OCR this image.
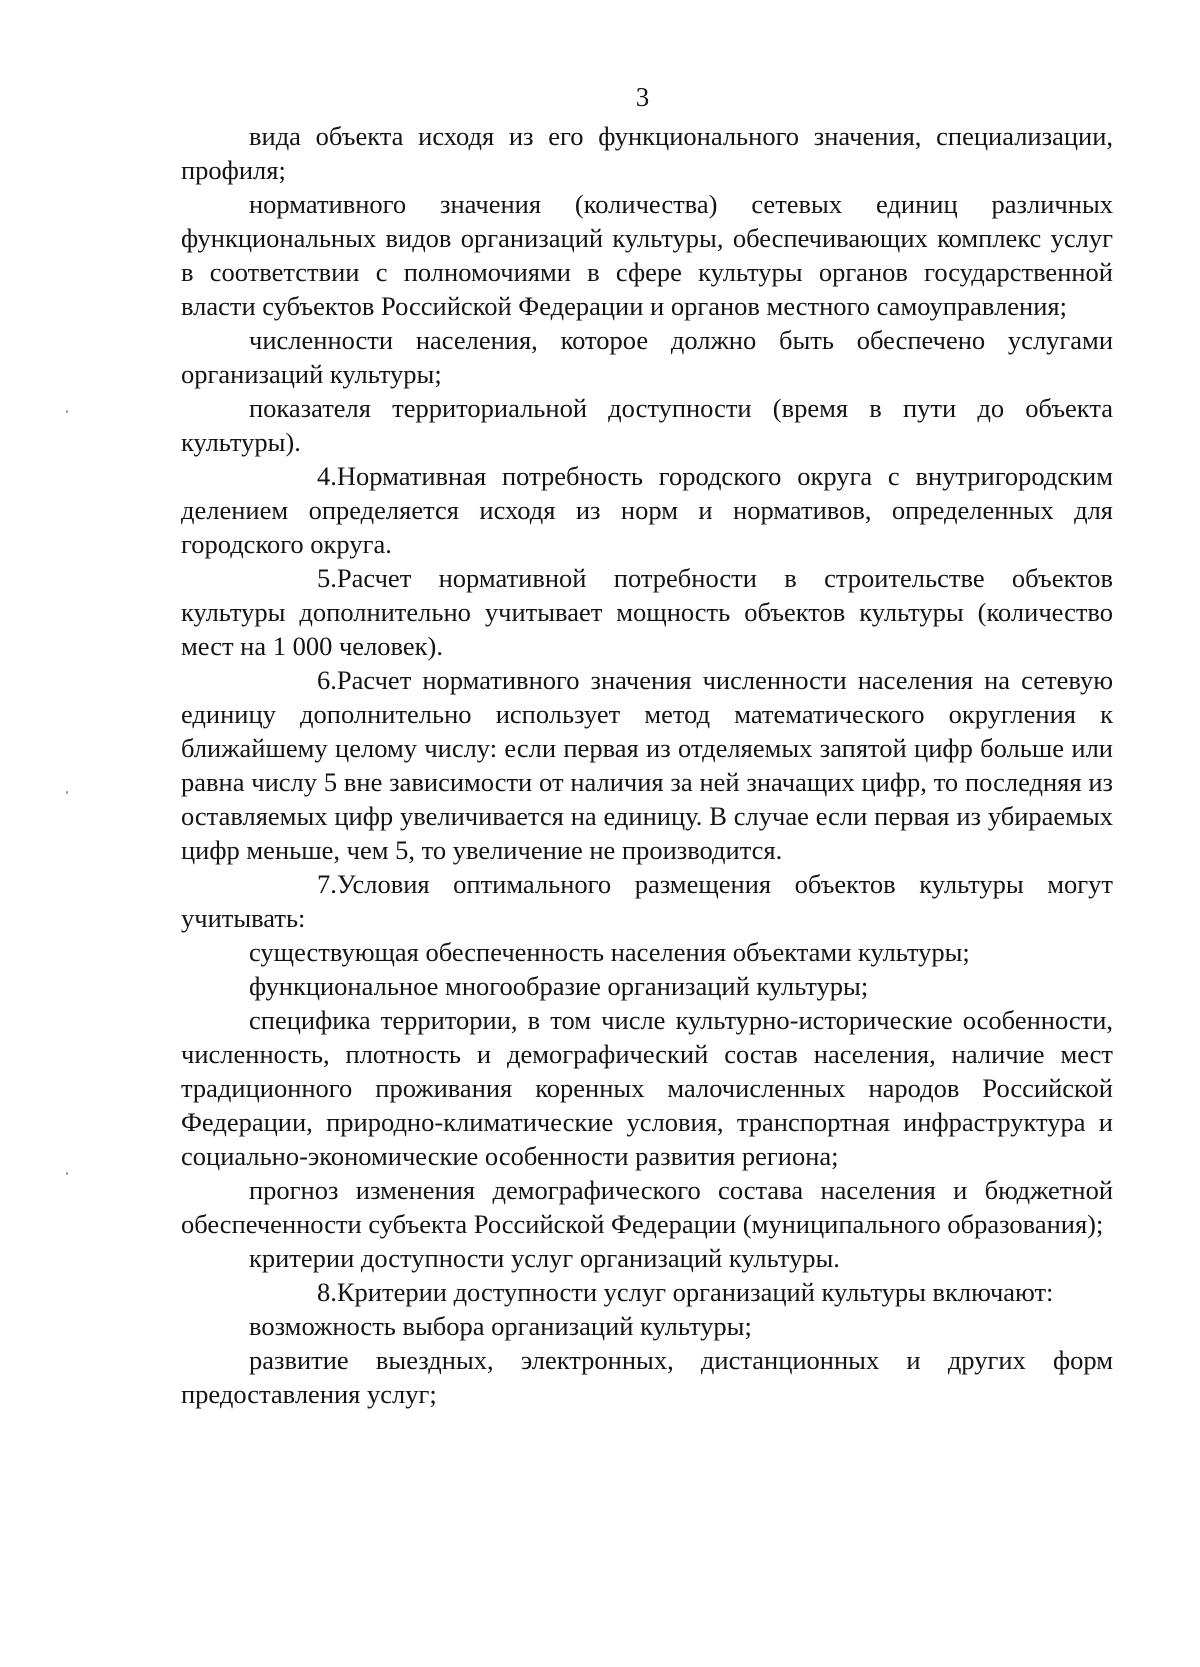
3

вида объекта исходя из его функционального значения, специализации, профиля;

нормативного значения (количества) сетевых единиц различных функциональных видов организаций культуры, обеспечивающих комплекс услуг в соответствии с полномочиями в сфере культуры органов государственной власти субъектов Российской Федерации и органов местного самоуправления;

численности населения, которое должно быть обеспечено услугами организаций культуры;

показателя территориальной доступности (время в пути до объекта культуры).

4.Нормативная потребность городского округа с внутригородским делением определяется исходя из норм и нормативов, определенных для городского округа.

5.Расчет нормативной потребности в строительстве объектов культуры дополнительно учитывает мощность объектов культуры (количество мест на 1 000 человек).

6.Расчет нормативного значения численности населения на сетевую единицу дополнительно использует метод математического округления к ближайшему целому числу: если первая из отделяемых запятой цифр больше или равна числу 5 вне зависимости от наличия за ней значащих цифр, то последняя из оставляемых цифр увеличивается на единицу. В случае если первая из убираемых цифр меньше, чем 5, то увеличение не производится.

7.Условия оптимального размещения объектов культуры могут учитывать:

существующая обеспеченность населения объектами культуры;

функциональное многообразие организаций культуры;

специфика территории, в том числе культурно-исторические особенности, численность, плотность и демографический состав населения, наличие мест традиционного проживания коренных малочисленных народов Российской Федерации, природно-климатические условия, транспортная инфраструктура и социально-экономические особенности развития региона;

прогноз изменения демографического состава населения и бюджетной обеспеченности субъекта Российской Федерации (муниципального образования);

критерии доступности услуг организаций культуры.

8.Критерии доступности услуг организаций культуры включают:

возможность выбора организаций культуры;

развитие выездных, электронных, дистанционных и других форм предоставления услуг;
